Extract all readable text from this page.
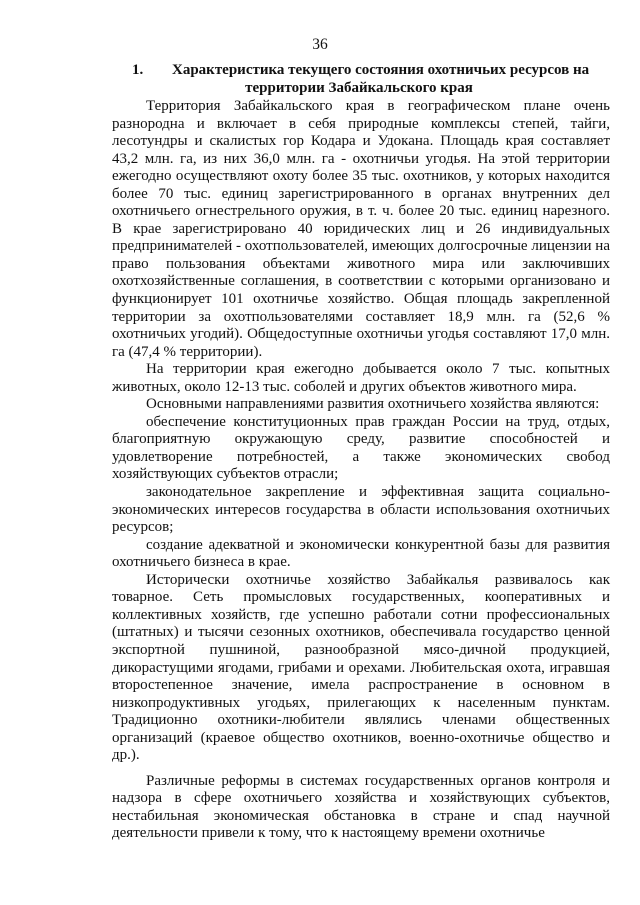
36
1. Характеристика текущего состояния охотничьих ресурсов на
территории Забайкальского края

Территория Забайкальского края в географическом плане очень разнородна и включает в себя природные комплексы степей, тайги, лесотундры и скалистых гор Кодара и Удокана. Площадь края составляет 43,2 млн. га, из них 36,0 млн. га - охотничьи угодья. На этой территории ежегодно осуществляют охоту более 35 тыс. охотников, у которых находится более 70 тыс. единиц зарегистрированного в органах внутренних дел охотничьего огнестрельного оружия, в т. ч. более 20 тыс. единиц нарезного. В крае зарегистрировано 40 юридических лиц и 26 индивидуальных предпринимателей - охотпользователей, имеющих долгосрочные лицензии на право пользования объектами животного мира или заключивших охотхозяйственные соглашения, в соответствии с которыми организовано и функционирует 101 охотничье хозяйство. Общая площадь закрепленной территории за охотпользователями составляет 18,9 млн. га (52,6 % охотничьих угодий). Общедоступные охотничьи угодья составляют 17,0 млн. га (47,4 % территории).

На территории края ежегодно добывается около 7 тыс. копытных животных, около 12-13 тыс. соболей и других объектов животного мира.

Основными направлениями развития охотничьего хозяйства являются:

обеспечение конституционных прав граждан России на труд, отдых, благоприятную окружающую среду, развитие способностей и удовлетворение потребностей, а также экономических свобод хозяйствующих субъектов отрасли;

законодательное закрепление и эффективная защита социально-экономических интересов государства в области использования охотничьих ресурсов;

создание адекватной и экономически конкурентной базы для развития охотничьего бизнеса в крае.

Исторически охотничье хозяйство Забайкалья развивалось как товарное. Сеть промысловых государственных, кооперативных и коллективных хозяйств, где успешно работали сотни профессиональных (штатных) и тысячи сезонных охотников, обеспечивала государство ценной экспортной пушниной, разнообразной мясо-дичной продукцией, дикорастущими ягодами, грибами и орехами. Любительская охота, игравшая второстепенное значение, имела распространение в основном в низкопродуктивных угодьях, прилегающих к населенным пунктам. Традиционно охотники-любители являлись членами общественных организаций (краевое общество охотников, военно-охотничье общество и др.).

Различные реформы в системах государственных органов контроля и надзора в сфере охотничьего хозяйства и хозяйствующих субъектов, нестабильная экономическая обстановка в стране и спад научной деятельности привели к тому, что к настоящему времени охотничье
